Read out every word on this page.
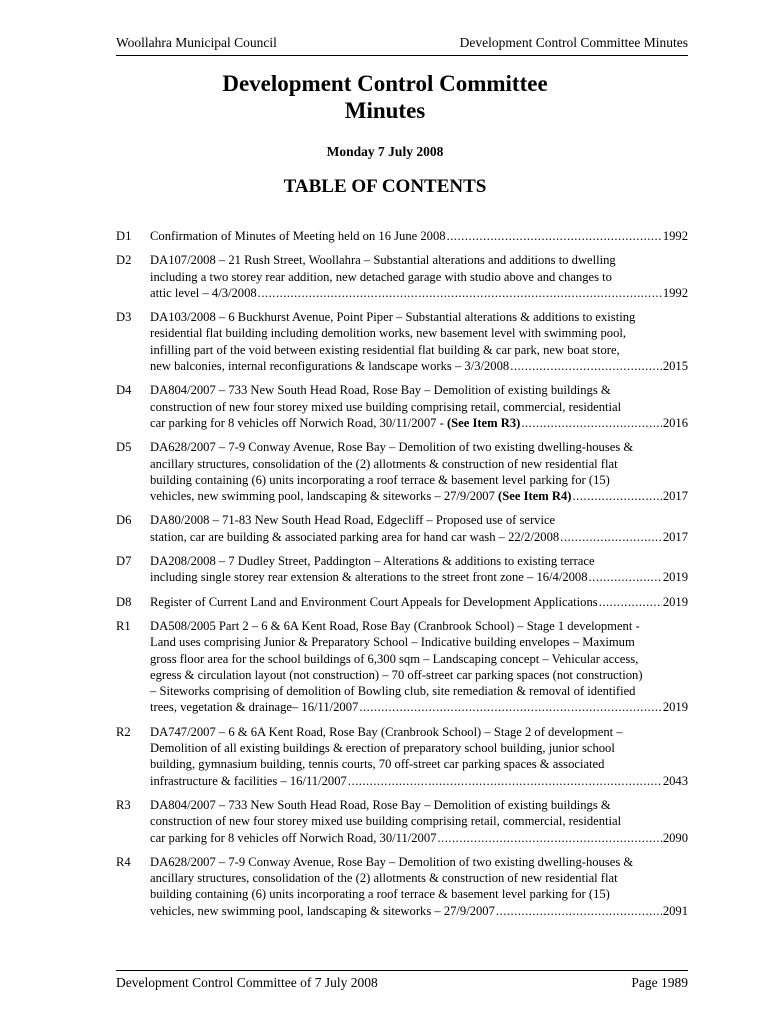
Woollahra Municipal Council	Development Control Committee Minutes
Development Control Committee
Minutes
Monday 7 July 2008
TABLE OF CONTENTS
D1	Confirmation of Minutes of Meeting held on 16 June 2008 .....	1992
D2	DA107/2008 – 21 Rush Street, Woollahra – Substantial alterations and additions to dwelling
including a two storey rear addition, new detached garage with studio above and changes to
attic level – 4/3/2008 .....	1992
D3	DA103/2008 – 6 Buckhurst Avenue, Point Piper – Substantial alterations & additions to existing
residential flat building including demolition works, new basement level with swimming pool,
infilling part of the void between existing residential flat building & car park, new boat store,
new balconies, internal reconfigurations & landscape works – 3/3/2008 .....	2015
D4	DA804/2007 – 733 New South Head Road, Rose Bay – Demolition of existing buildings &
construction of new four storey mixed use building comprising retail, commercial, residential
car parking for 8 vehicles off Norwich Road, 30/11/2007 - (See Item R3) .....	2016
D5	DA628/2007 – 7-9 Conway Avenue, Rose Bay – Demolition of two existing dwelling-houses &
ancillary structures, consolidation of the (2) allotments & construction of new residential flat
building containing (6) units incorporating a roof terrace & basement level parking for (15)
vehicles, new swimming pool, landscaping & siteworks – 27/9/2007 (See Item R4) .....	2017
D6	DA80/2008 – 71-83 New South Head Road, Edgecliff – Proposed use of service
station, car are building & associated parking area for hand car wash – 22/2/2008 .....	2017
D7	DA208/2008 – 7 Dudley Street, Paddington – Alterations & additions to existing terrace
including single storey rear extension & alterations to the street front zone – 16/4/2008 .....	2019
D8	Register of Current Land and Environment Court Appeals for Development Applications .....	2019
R1	DA508/2005 Part 2 – 6 & 6A Kent Road, Rose Bay (Cranbrook School) – Stage 1 development -
Land uses comprising Junior & Preparatory School – Indicative building envelopes – Maximum
gross floor area for the school buildings of 6,300 sqm – Landscaping concept – Vehicular access,
egress & circulation layout (not construction) – 70 off-street car parking spaces (not construction)
– Siteworks comprising of demolition of Bowling club, site remediation & removal of identified
trees, vegetation & drainage– 16/11/2007 .....	2019
R2	DA747/2007 – 6 & 6A Kent Road, Rose Bay (Cranbrook School) – Stage 2 of development –
Demolition of all existing buildings & erection of preparatory school building, junior school
building, gymnasium building, tennis courts, 70 off-street car parking spaces & associated
infrastructure & facilities – 16/11/2007 .....	2043
R3	DA804/2007 – 733 New South Head Road, Rose Bay – Demolition of existing buildings &
construction of new four storey mixed use building comprising retail, commercial, residential
car parking for 8 vehicles off Norwich Road, 30/11/2007 .....	2090
R4	DA628/2007 – 7-9 Conway Avenue, Rose Bay – Demolition of two existing dwelling-houses &
ancillary structures, consolidation of the (2) allotments & construction of new residential flat
building containing (6) units incorporating a roof terrace & basement level parking for (15)
vehicles, new swimming pool, landscaping & siteworks – 27/9/2007 .....	2091
Development Control Committee of 7 July 2008	Page 1989
